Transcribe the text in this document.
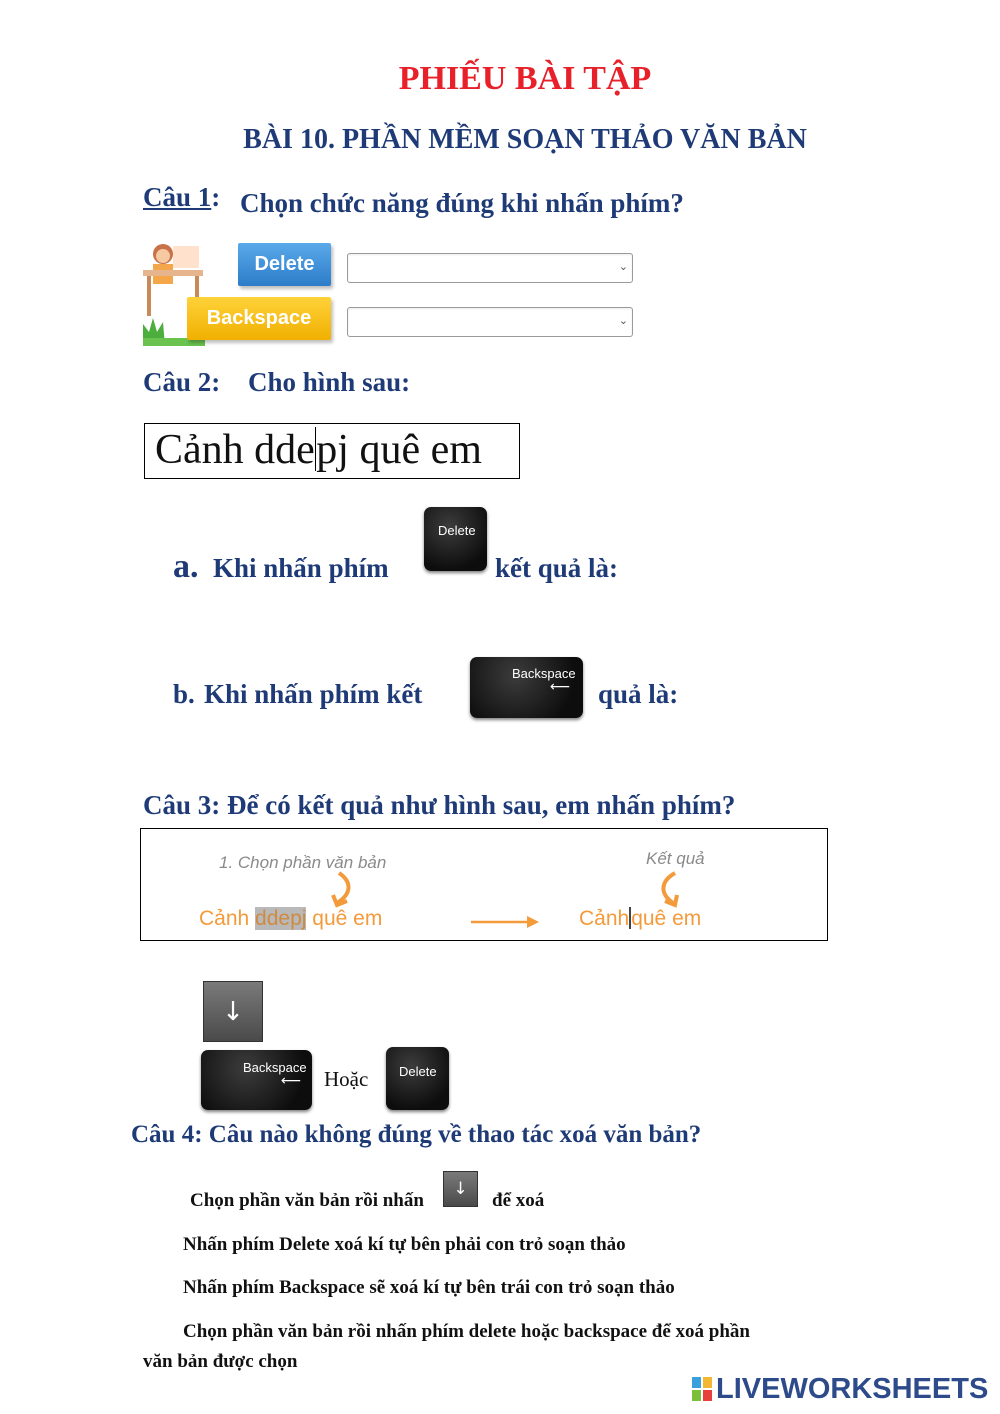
PHIẾU BÀI TẬP
BÀI 10. PHẦN MỀM SOẠN THẢO VĂN BẢN
Câu 1: Chọn chức năng đúng khi nhấn phím?
Delete
Backspace
⌄
⌄
Câu 2: Cho hình sau:
Cảnh ddepj quê em
a. Khi nhấn phím
Delete
kết quả là:
b. Khi nhấn phím kết
Backspace
⟵ quả là:
Câu 3: Để có kết quả như hình sau, em nhấn phím?
1. Chọn phần văn bản	Kết quả
Cảnh ddepj quê em	Cảnhquê em
↓
Backspace
⟵ Hoặc Delete
Câu 4: Câu nào không đúng về thao tác xoá văn bản?
Chọn phần văn bản rồi nhấn
↓
để xoá
Nhấn phím Delete xoá kí tự bên phải con trỏ soạn thảo
Nhấn phím Backspace sẽ xoá kí tự bên trái con trỏ soạn thảo
Chọn phần văn bản rồi nhấn phím delete hoặc backspace để xoá phần
văn bản được chọn
LIVEWORKSHEETS
